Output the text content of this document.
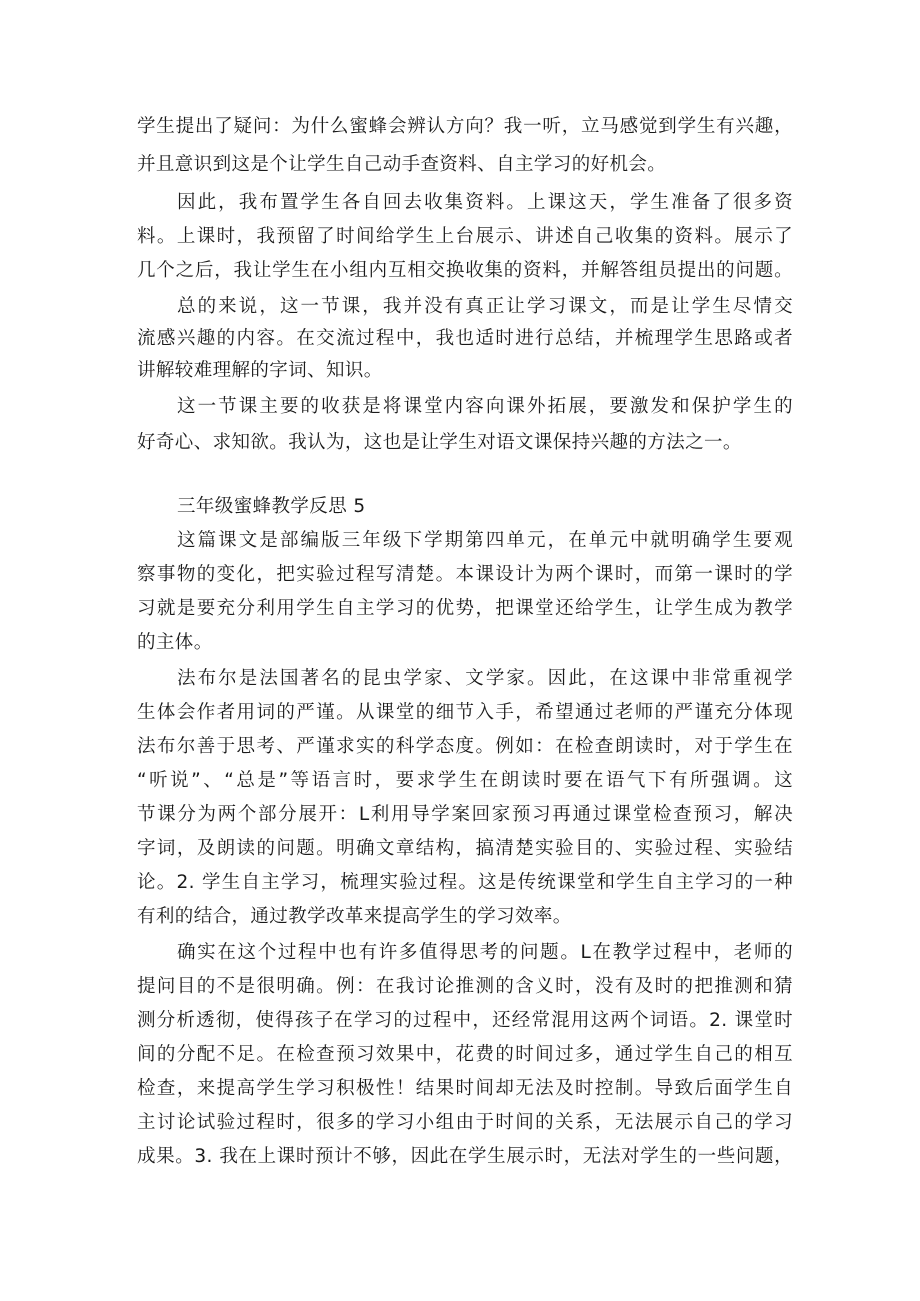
学生提出了疑问：为什么蜜蜂会辨认方向？我一听，立马感觉到学生有兴趣，
并且意识到这是个让学生自己动手查资料、自主学习的好机会。
因此，我布置学生各自回去收集资料。上课这天，学生准备了很多资
料。上课时，我预留了时间给学生上台展示、讲述自己收集的资料。展示了
几个之后，我让学生在小组内互相交换收集的资料，并解答组员提出的问题。
总的来说，这一节课，我并没有真正让学习课文，而是让学生尽情交
流感兴趣的内容。在交流过程中，我也适时进行总结，并梳理学生思路或者
讲解较难理解的字词、知识。
这一节课主要的收获是将课堂内容向课外拓展，要激发和保护学生的
好奇心、求知欲。我认为，这也是让学生对语文课保持兴趣的方法之一。
三年级蜜蜂教学反思 5
这篇课文是部编版三年级下学期第四单元，在单元中就明确学生要观
察事物的变化，把实验过程写清楚。本课设计为两个课时，而第一课时的学
习就是要充分利用学生自主学习的优势，把课堂还给学生，让学生成为教学
的主体。
法布尔是法国著名的昆虫学家、文学家。因此，在这课中非常重视学
生体会作者用词的严谨。从课堂的细节入手，希望通过老师的严谨充分体现
法布尔善于思考、严谨求实的科学态度。例如：在检查朗读时，对于学生在
“听说”、“总是”等语言时，要求学生在朗读时要在语气下有所强调。这
节课分为两个部分展开：L利用导学案回家预习再通过课堂检查预习，解决
字词，及朗读的问题。明确文章结构，搞清楚实验目的、实验过程、实验结
论。2. 学生自主学习，梳理实验过程。这是传统课堂和学生自主学习的一种
有利的结合，通过教学改革来提高学生的学习效率。
确实在这个过程中也有许多值得思考的问题。L在教学过程中，老师的
提问目的不是很明确。例：在我讨论推测的含义时，没有及时的把推测和猜
测分析透彻，使得孩子在学习的过程中，还经常混用这两个词语。2. 课堂时
间的分配不足。在检查预习效果中，花费的时间过多，通过学生自己的相互
检查，来提高学生学习积极性！结果时间却无法及时控制。导致后面学生自
主讨论试验过程时，很多的学习小组由于时间的关系，无法展示自己的学习
成果。3. 我在上课时预计不够，因此在学生展示时，无法对学生的一些问题，
